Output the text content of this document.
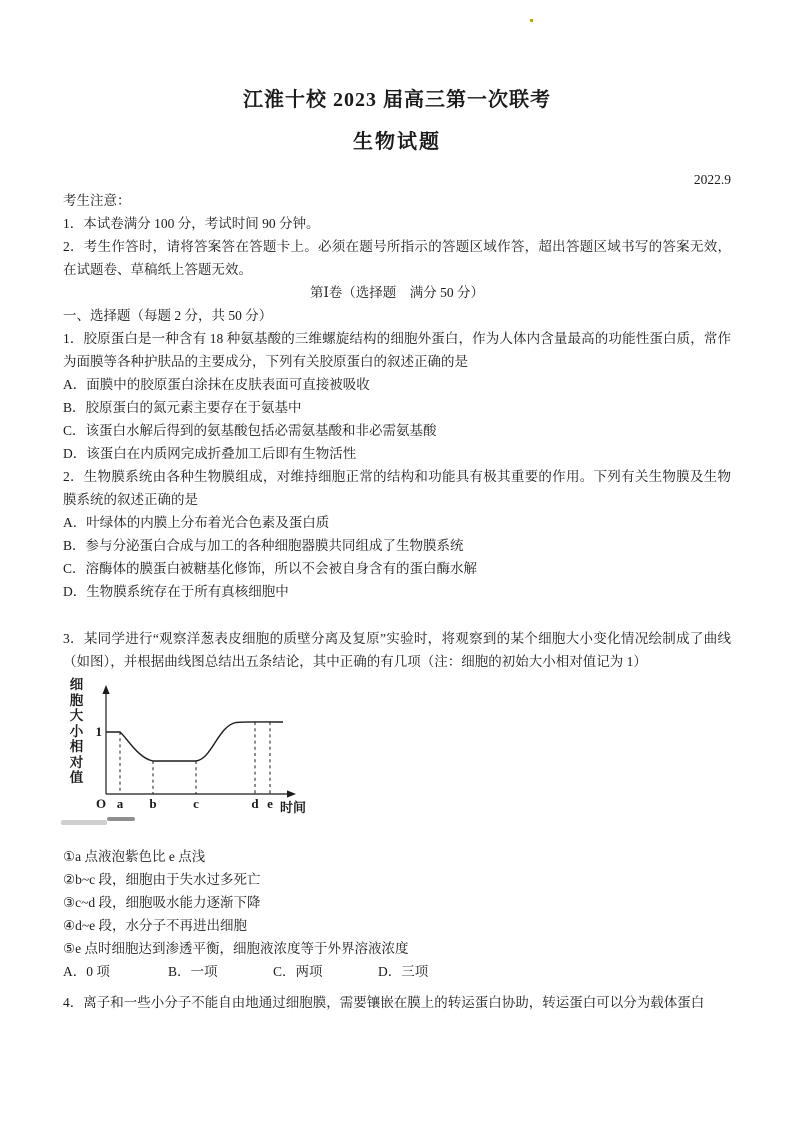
江淮十校 2023 届高三第一次联考
生物试题
2022.9

考生注意：

1．本试卷满分 100 分，考试时间 90 分钟。

2．考生作答时，请将答案答在答题卡上。必须在题号所指示的答题区域作答，超出答题区域书写的答案无效，在试题卷、草稿纸上答题无效。

第Ⅰ卷（选择题　满分 50 分）

一、选择题（每题 2 分，共 50 分）

1．胶原蛋白是一种含有 18 种氨基酸的三维螺旋结构的细胞外蛋白，作为人体内含量最高的功能性蛋白质，常作为面膜等各种护肤品的主要成分，下列有关胶原蛋白的叙述正确的是

A．面膜中的胶原蛋白涂抹在皮肤表面可直接被吸收

B．胶原蛋白的氮元素主要存在于氨基中

C．该蛋白水解后得到的氨基酸包括必需氨基酸和非必需氨基酸

D．该蛋白在内质网完成折叠加工后即有生物活性

2．生物膜系统由各种生物膜组成，对维持细胞正常的结构和功能具有极其重要的作用。下列有关生物膜及生物膜系统的叙述正确的是

A．叶绿体的内膜上分布着光合色素及蛋白质

B．参与分泌蛋白合成与加工的各种细胞器膜共同组成了生物膜系统

C．溶酶体的膜蛋白被糖基化修饰，所以不会被自身含有的蛋白酶水解

D．生物膜系统存在于所有真核细胞中

3．某同学进行“观察洋葱表皮细胞的质壁分离及复原”实验时，将观察到的某个细胞大小变化情况绘制成了曲线（如图），并根据曲线图总结出五条结论，其中正确的有几项（注：细胞的初始大小相对值记为 1）

细胞大小相对值
1
O a b	c	d e 时间

①a 点液泡紫色比 e 点浅

②b~c 段，细胞由于失水过多死亡

③c~d 段，细胞吸水能力逐渐下降

④d~e 段，水分子不再进出细胞

⑤e 点时细胞达到渗透平衡，细胞液浓度等于外界溶液浓度

A．0 项	B．一项	C．两项	D．三项

4．离子和一些小分子不能自由地通过细胞膜，需要镶嵌在膜上的转运蛋白协助，转运蛋白可以分为载体蛋白
